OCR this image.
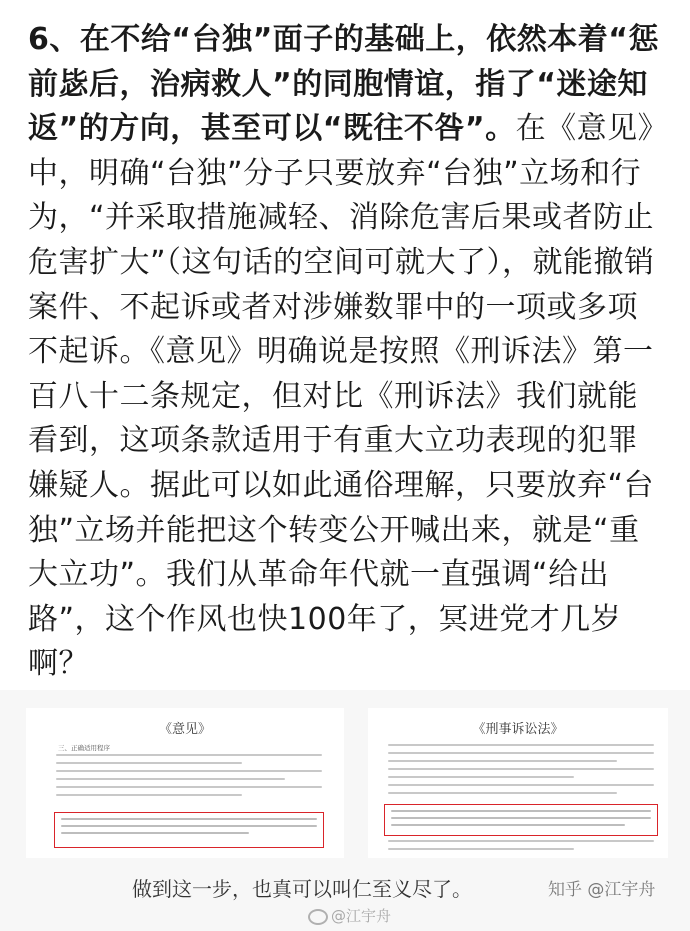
6、在不给“台独”面子的基础上，依然本着“惩前毖后，治病救人”的同胞情谊，指了“迷途知返”的方向，甚至可以“既往不咎”。在《意见》中，明确“台独”分子只要放弃“台独”立场和行为，“并采取措施减轻、消除危害后果或者防止危害扩大”（这句话的空间可就大了），就能撤销案件、不起诉或者对涉嫌数罪中的一项或多项不起诉。《意见》明确说是按照《刑诉法》第一百八十二条规定，但对比《刑诉法》我们就能看到，这项条款适用于有重大立功表现的犯罪嫌疑人。据此可以如此通俗理解，只要放弃“台独”立场并能把这个转变公开喊出来，就是“重大立功”。我们从革命年代就一直强调“给出路”，这个作风也快100年了，冥进党才几岁啊？
《意见》
三、正确适用程序
《刑事诉讼法》
做到这一步，也真可以叫仁至义尽了。	知乎 @江宇舟
@江宇舟
